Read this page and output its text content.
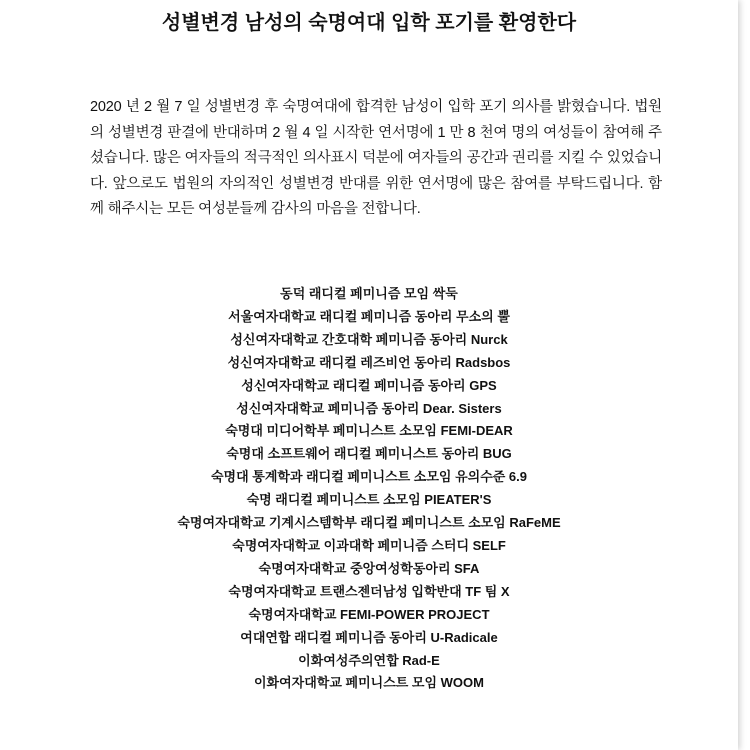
성별변경 남성의 숙명여대 입학 포기를 환영한다
2020 년 2 월 7 일 성별변경 후 숙명여대에 합격한 남성이 입학 포기 의사를 밝혔습니다. 법원의 성별변경 판결에 반대하며 2 월 4 일 시작한 연서명에 1 만 8 천여 명의 여성들이 참여해 주셨습니다. 많은 여자들의 적극적인 의사표시 덕분에 여자들의 공간과 권리를 지킬 수 있었습니다. 앞으로도 법원의 자의적인 성별변경 반대를 위한 연서명에 많은 참여를 부탁드립니다. 함께 해주시는 모든 여성분들께 감사의 마음을 전합니다.
동덕 래디컬 페미니즘 모임 싹둑
서울여자대학교 래디컬 페미니즘 동아리 무소의 뿔
성신여자대학교 간호대학 페미니즘 동아리 Nurck
성신여자대학교 래디컬 레즈비언 동아리 Radsbos
성신여자대학교 래디컬 페미니즘 동아리 GPS
성신여자대학교 페미니즘 동아리 Dear. Sisters
숙명대 미디어학부 페미니스트 소모임 FEMI-DEAR
숙명대 소프트웨어 래디컬 페미니스트 동아리 BUG
숙명대 통계학과 래디컬 페미니스트 소모임 유의수준 6.9
숙명 래디컬 페미니스트 소모임 PIEATER'S
숙명여자대학교 기계시스템학부 래디컬 페미니스트 소모임 RaFeME
숙명여자대학교 이과대학 페미니즘 스터디 SELF
숙명여자대학교 중앙여성학동아리 SFA
숙명여자대학교 트랜스젠더남성 입학반대 TF 팀 X
숙명여자대학교 FEMI-POWER PROJECT
여대연합 래디컬 페미니즘 동아리 U-Radicale
이화여성주의연합 Rad-E
이화여자대학교 페미니스트 모임 WOOM
